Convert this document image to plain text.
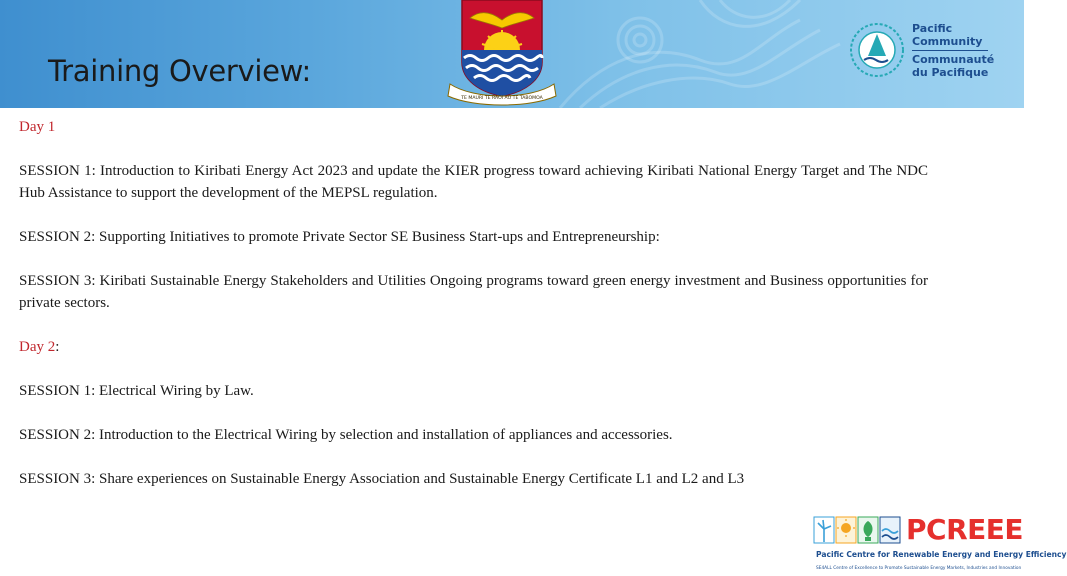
Training Overview:
TE MAURI TE RAOI AO TE TABOMOA
Pacific
Community
Communauté
du Pacifique

Day 1

SESSION 1: Introduction to Kiribati Energy Act 2023 and update the KIER progress toward achieving Kiribati National Energy Target and The NDC Hub Assistance to support the development of the MEPSL regulation.

SESSION 2: Supporting Initiatives to promote Private Sector SE Business Start-ups and Entrepreneurship:

SESSION 3: Kiribati Sustainable Energy Stakeholders and Utilities Ongoing programs toward green energy investment and Business opportunities for private sectors.

Day 2:

SESSION 1: Electrical Wiring by Law.

SESSION 2: Introduction to the Electrical Wiring by selection and installation of appliances and accessories.

SESSION 3: Share experiences on Sustainable Energy Association and Sustainable Energy Certificate L1 and L2 and L3

PCREEE
Pacific Centre for Renewable Energy and Energy Efficiency
SE4ALL Centre of Excellence to Promote Sustainable Energy Markets, Industries and Innovation
